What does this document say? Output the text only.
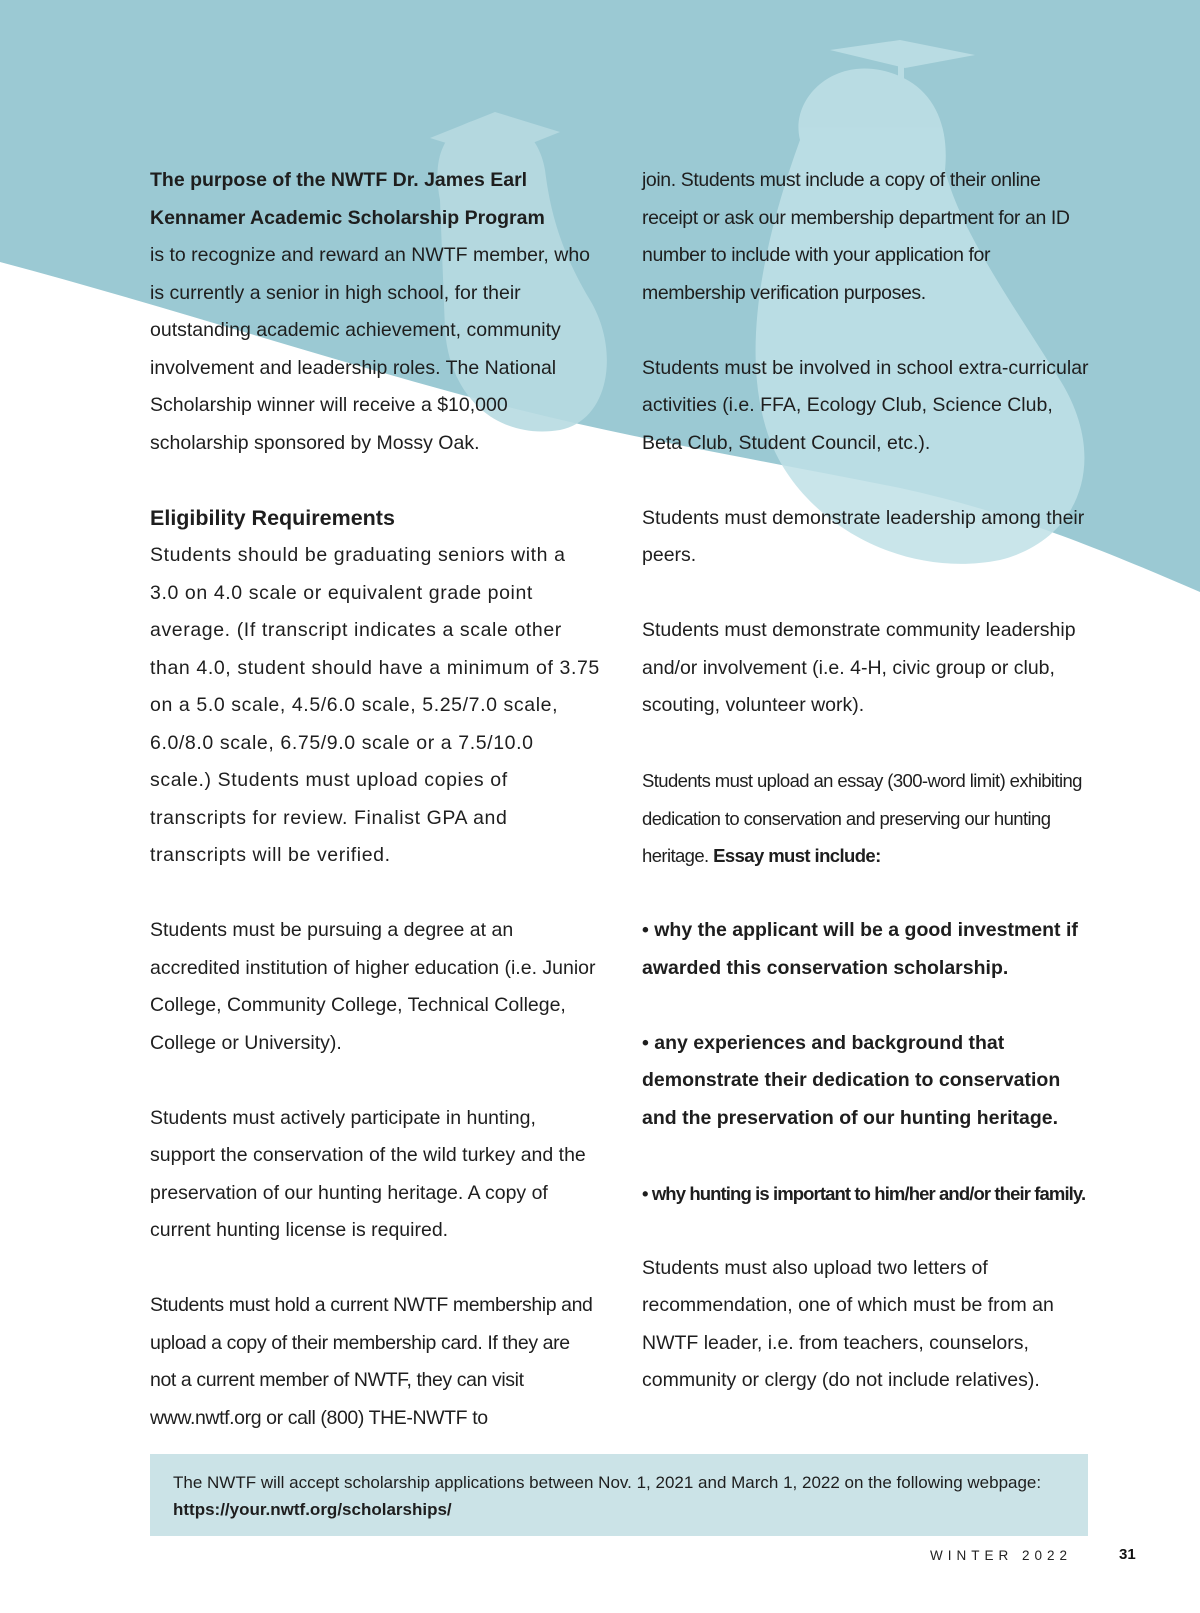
The purpose of the NWTF Dr. James Earl
Kennamer Academic Scholarship Program
is to recognize and reward an NWTF member, who is currently a senior in high school, for their outstanding academic achievement, community involvement and leadership roles. The National Scholarship winner will receive a $10,000 scholarship sponsored by Mossy Oak.

Eligibility Requirements
Students should be graduating seniors with a 3.0 on 4.0 scale or equivalent grade point average. (If transcript indicates a scale other than 4.0, student should have a minimum of 3.75 on a 5.0 scale, 4.5/6.0 scale, 5.25/7.0 scale, 6.0/8.0 scale, 6.75/9.0 scale or a 7.5/10.0 scale.) Students must upload copies of transcripts for review. Finalist GPA and transcripts will be verified.

Students must be pursuing a degree at an accredited institution of higher education (i.e. Junior College, Community College, Technical College, College or University).

Students must actively participate in hunting, support the conservation of the wild turkey and the preservation of our hunting heritage. A copy of current hunting license is required.

Students must hold a current NWTF membership and upload a copy of their membership card. If they are not a current member of NWTF, they can visit www.nwtf.org or call (800) THE-NWTF to

join. Students must include a copy of their online receipt or ask our membership department for an ID number to include with your application for membership verification purposes.

Students must be involved in school extra-curricular activities (i.e. FFA, Ecology Club, Science Club, Beta Club, Student Council, etc.).

Students must demonstrate leadership among their peers.

Students must demonstrate community leadership and/or involvement (i.e. 4-H, civic group or club, scouting, volunteer work).

Students must upload an essay (300-word limit) exhibiting dedication to conservation and preserving our hunting heritage. Essay must include:

• why the applicant will be a good investment if awarded this conservation scholarship.

• any experiences and background that demonstrate their dedication to conservation and the preservation of our hunting heritage.

• why hunting is important to him/her and/or their family.

Students must also upload two letters of recommendation, one of which must be from an NWTF leader, i.e. from teachers, counselors, community or clergy (do not include relatives).

The NWTF will accept scholarship applications between Nov. 1, 2021 and March 1, 2022 on the following webpage:
https://your.nwtf.org/scholarships/
WINTER 2022	31
